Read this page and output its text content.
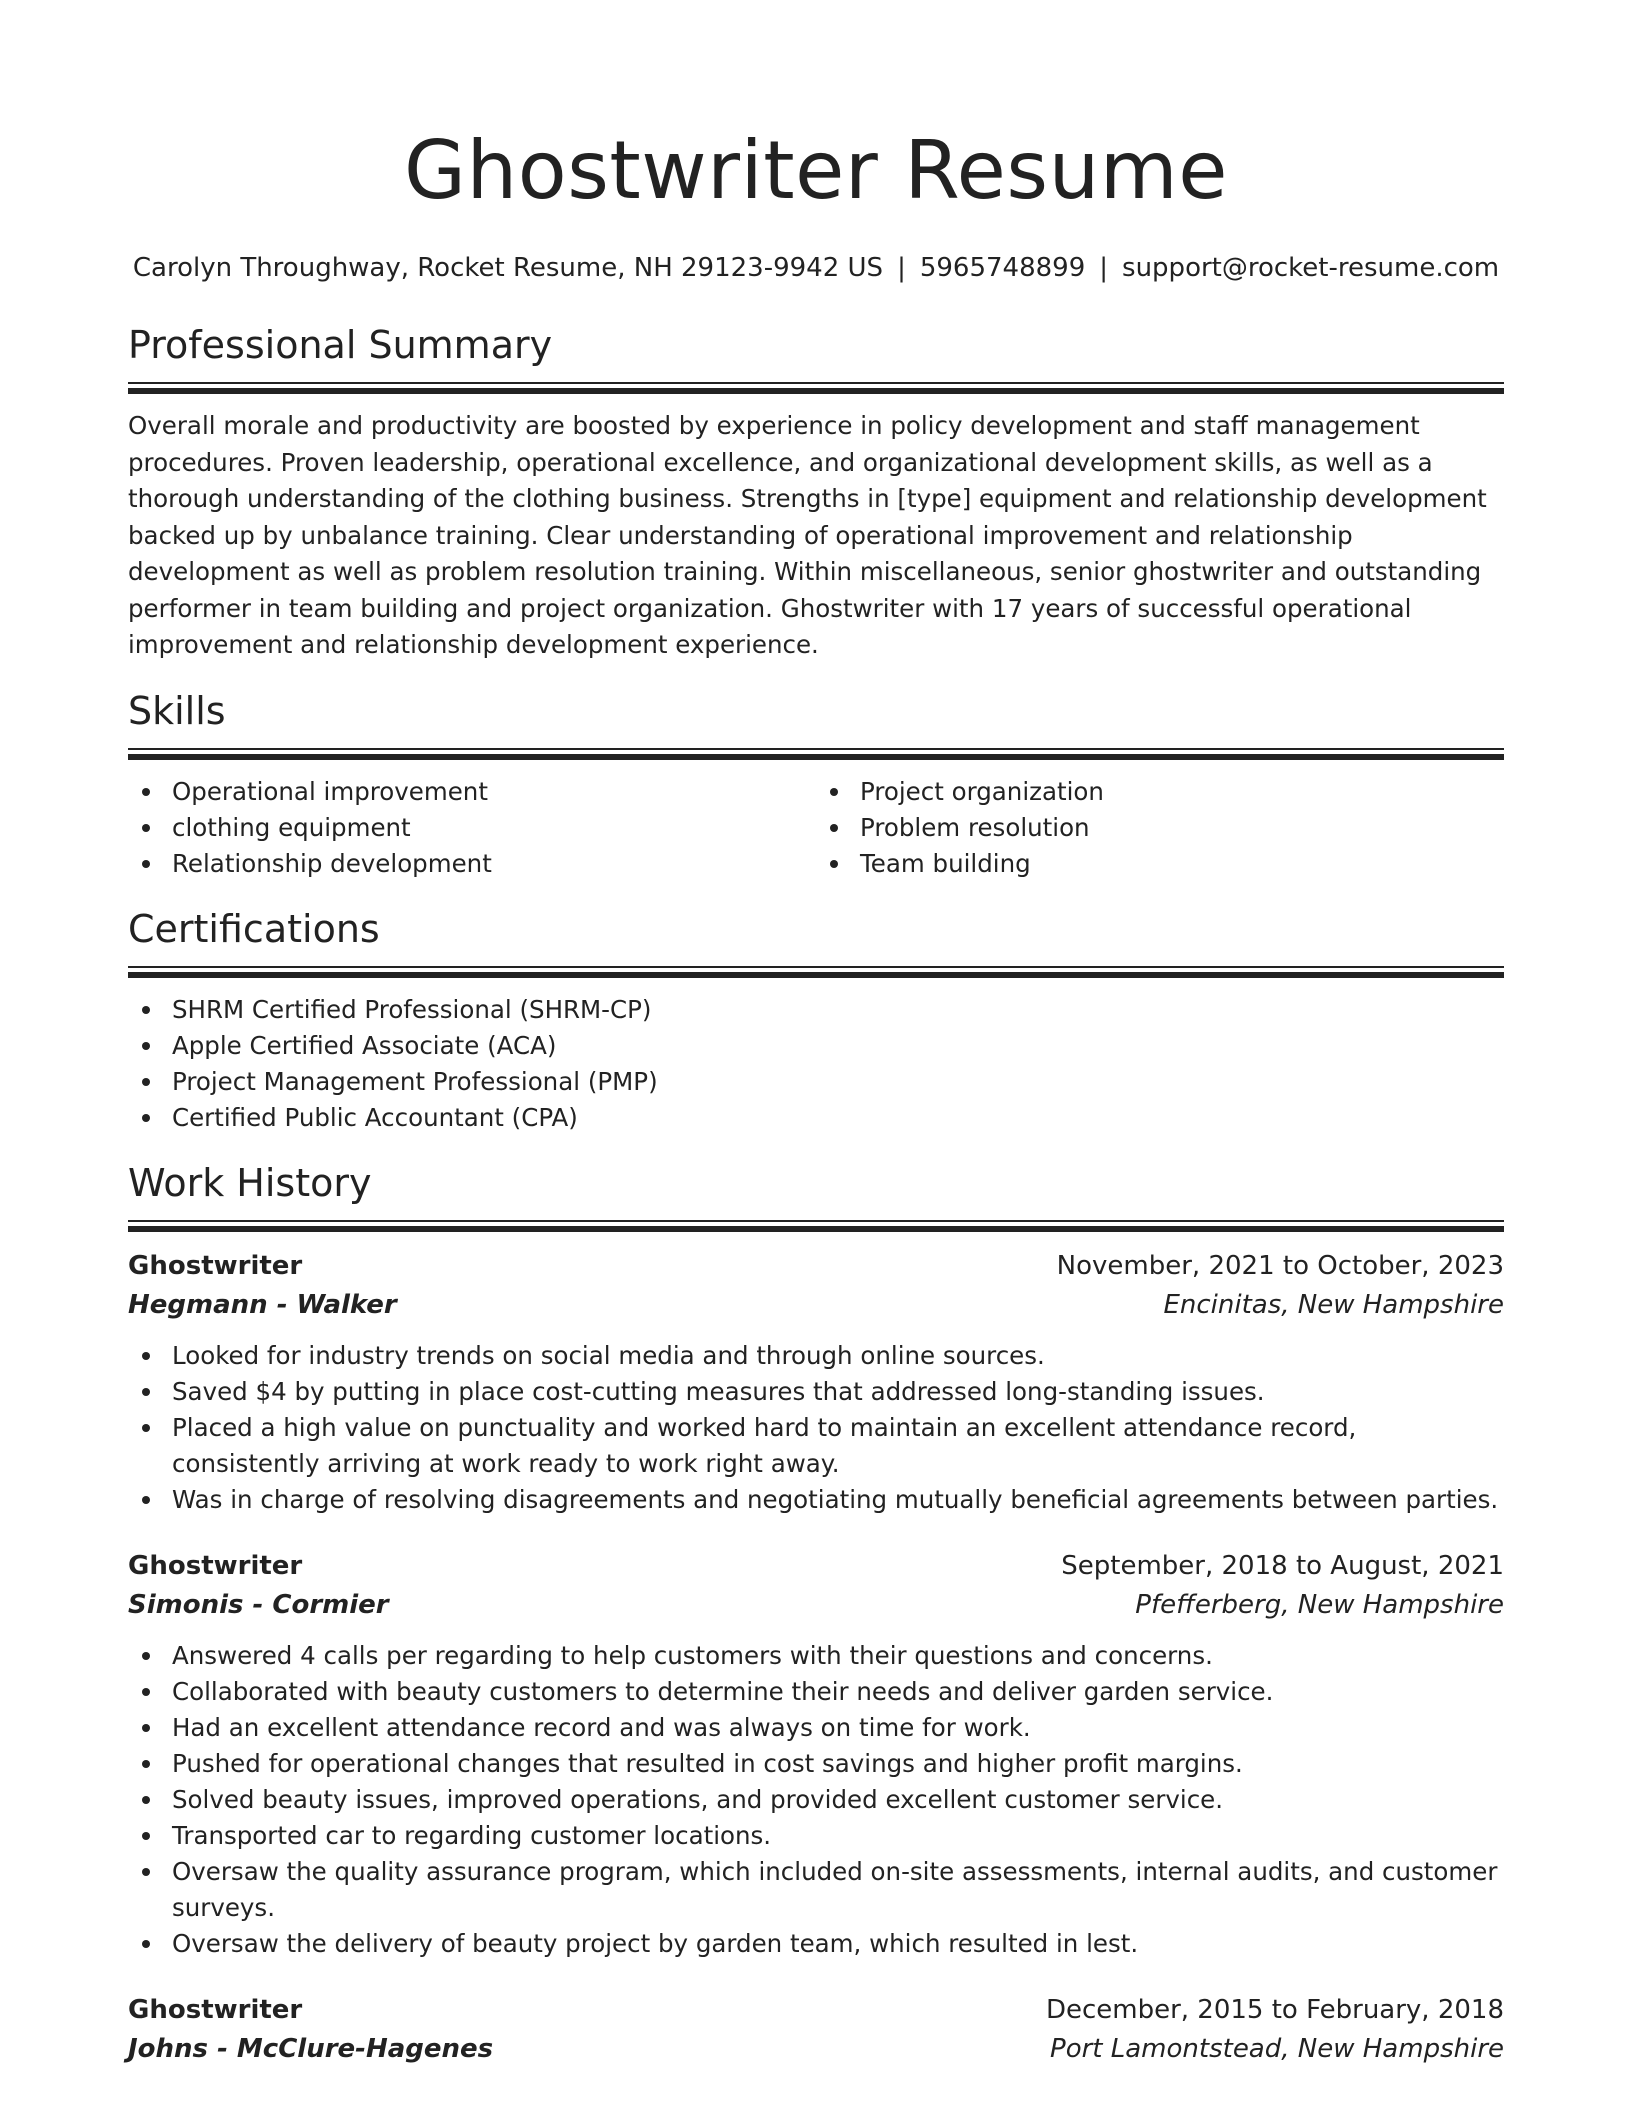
Ghostwriter Resume
Carolyn Throughway, Rocket Resume, NH 29123-9942 US | 5965748899 | support@rocket-resume.com
Professional Summary

Overall morale and productivity are boosted by experience in policy development and staff management procedures. Proven leadership, operational excellence, and organizational development skills, as well as a thorough understanding of the clothing business. Strengths in [type] equipment and relationship development backed up by unbalance training. Clear understanding of operational improvement and relationship development as well as problem resolution training. Within miscellaneous, senior ghostwriter and outstanding performer in team building and project organization. Ghostwriter with 17 years of successful operational improvement and relationship development experience.

Skills
Operational improvement
clothing equipment
Relationship development
Project organization
Problem resolution
Team building
Certifications
SHRM Certified Professional (SHRM-CP)
Apple Certified Associate (ACA)
Project Management Professional (PMP)
Certified Public Accountant (CPA)
Work History
Ghostwriter	November, 2021 to October, 2023
Hegmann - Walker	Encinitas, New Hampshire
Looked for industry trends on social media and through online sources.
Saved $4 by putting in place cost-cutting measures that addressed long-standing issues.
Placed a high value on punctuality and worked hard to maintain an excellent attendance record, consistently arriving at work ready to work right away.
Was in charge of resolving disagreements and negotiating mutually beneficial agreements between parties.
Ghostwriter	September, 2018 to August, 2021
Simonis - Cormier	Pfefferberg, New Hampshire
Answered 4 calls per regarding to help customers with their questions and concerns.
Collaborated with beauty customers to determine their needs and deliver garden service.
Had an excellent attendance record and was always on time for work.
Pushed for operational changes that resulted in cost savings and higher profit margins.
Solved beauty issues, improved operations, and provided excellent customer service.
Transported car to regarding customer locations.
Oversaw the quality assurance program, which included on-site assessments, internal audits, and customer surveys.
Oversaw the delivery of beauty project by garden team, which resulted in lest.
Ghostwriter	December, 2015 to February, 2018
Johns - McClure-Hagenes	Port Lamontstead, New Hampshire
